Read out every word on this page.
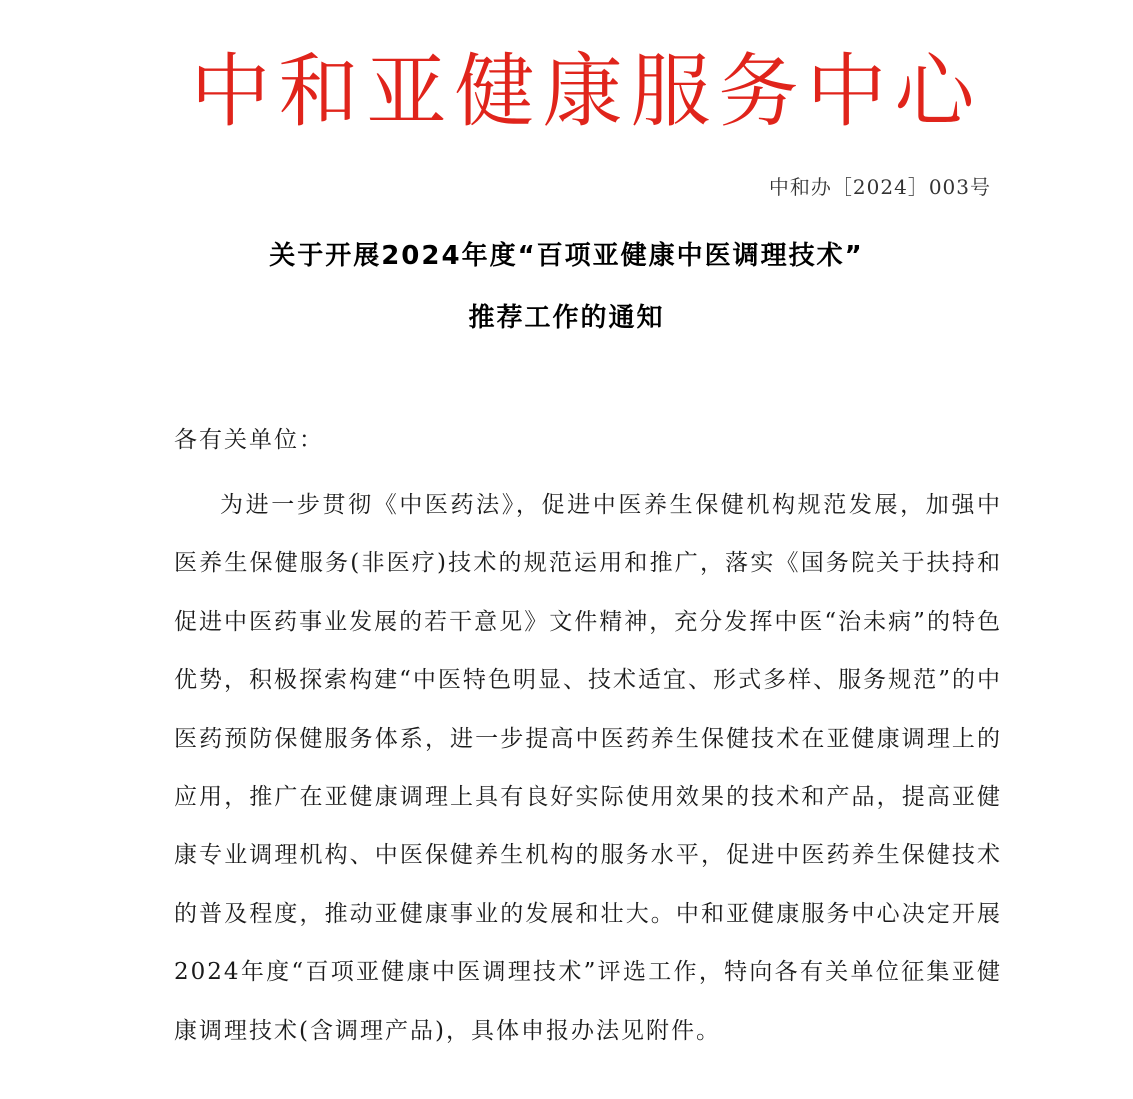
中和亚健康服务中心
中和办［2024］003号
关于开展2024年度“百项亚健康中医调理技术”
推荐工作的通知
各有关单位：

为进一步贯彻《中医药法》，促进中医养生保健机构规范发展，加强中医养生保健服务(非医疗)技术的规范运用和推广，落实《国务院关于扶持和促进中医药事业发展的若干意见》文件精神，充分发挥中医“治未病”的特色优势，积极探索构建“中医特色明显、技术适宜、形式多样、服务规范”的中医药预防保健服务体系，进一步提高中医药养生保健技术在亚健康调理上的应用，推广在亚健康调理上具有良好实际使用效果的技术和产品，提高亚健康专业调理机构、中医保健养生机构的服务水平，促进中医药养生保健技术的普及程度，推动亚健康事业的发展和壮大。中和亚健康服务中心决定开展2024年度“百项亚健康中医调理技术”评选工作，特向各有关单位征集亚健康调理技术(含调理产品)，具体申报办法见附件。
